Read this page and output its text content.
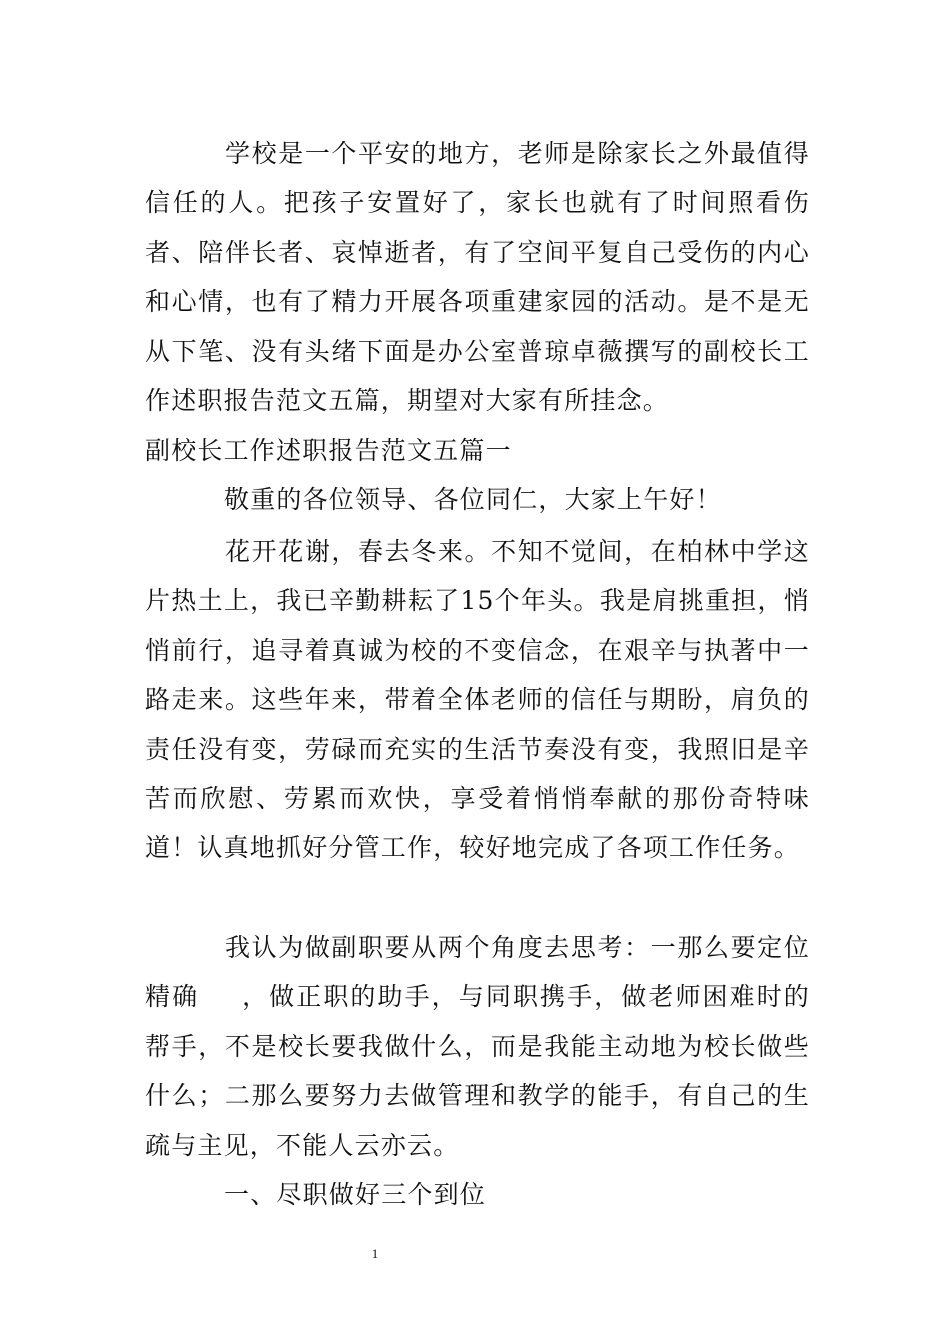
学校是一个平安的地方，老师是除家长之外最值得信任的人。把孩子安置好了，家长也就有了时间照看伤者、陪伴长者、哀悼逝者，有了空间平复自己受伤的内心和心情，也有了精力开展各项重建家园的活动。是不是无从下笔、没有头绪下面是办公室普琼卓薇撰写的副校长工作述职报告范文五篇，期望对大家有所挂念。

副校长工作述职报告范文五篇一

敬重的各位领导、各位同仁，大家上午好！

花开花谢，春去冬来。不知不觉间，在柏林中学这片热土上，我已辛勤耕耘了15个年头。我是肩挑重担，悄悄前行，追寻着真诚为校的不变信念，在艰辛与执著中一路走来。这些年来，带着全体老师的信任与期盼，肩负的责任没有变，劳碌而充实的生活节奏没有变，我照旧是辛苦而欣慰、劳累而欢快，享受着悄悄奉献的那份奇特味道！认真地抓好分管工作，较好地完成了各项工作任务。

我认为做副职要从两个角度去思考：一那么要定位精确 ，做正职的助手，与同职携手，做老师困难时的帮手，不是校长要我做什么，而是我能主动地为校长做些什么；二那么要努力去做管理和教学的能手，有自己的生疏与主见，不能人云亦云。

一、尽职做好三个到位

1
